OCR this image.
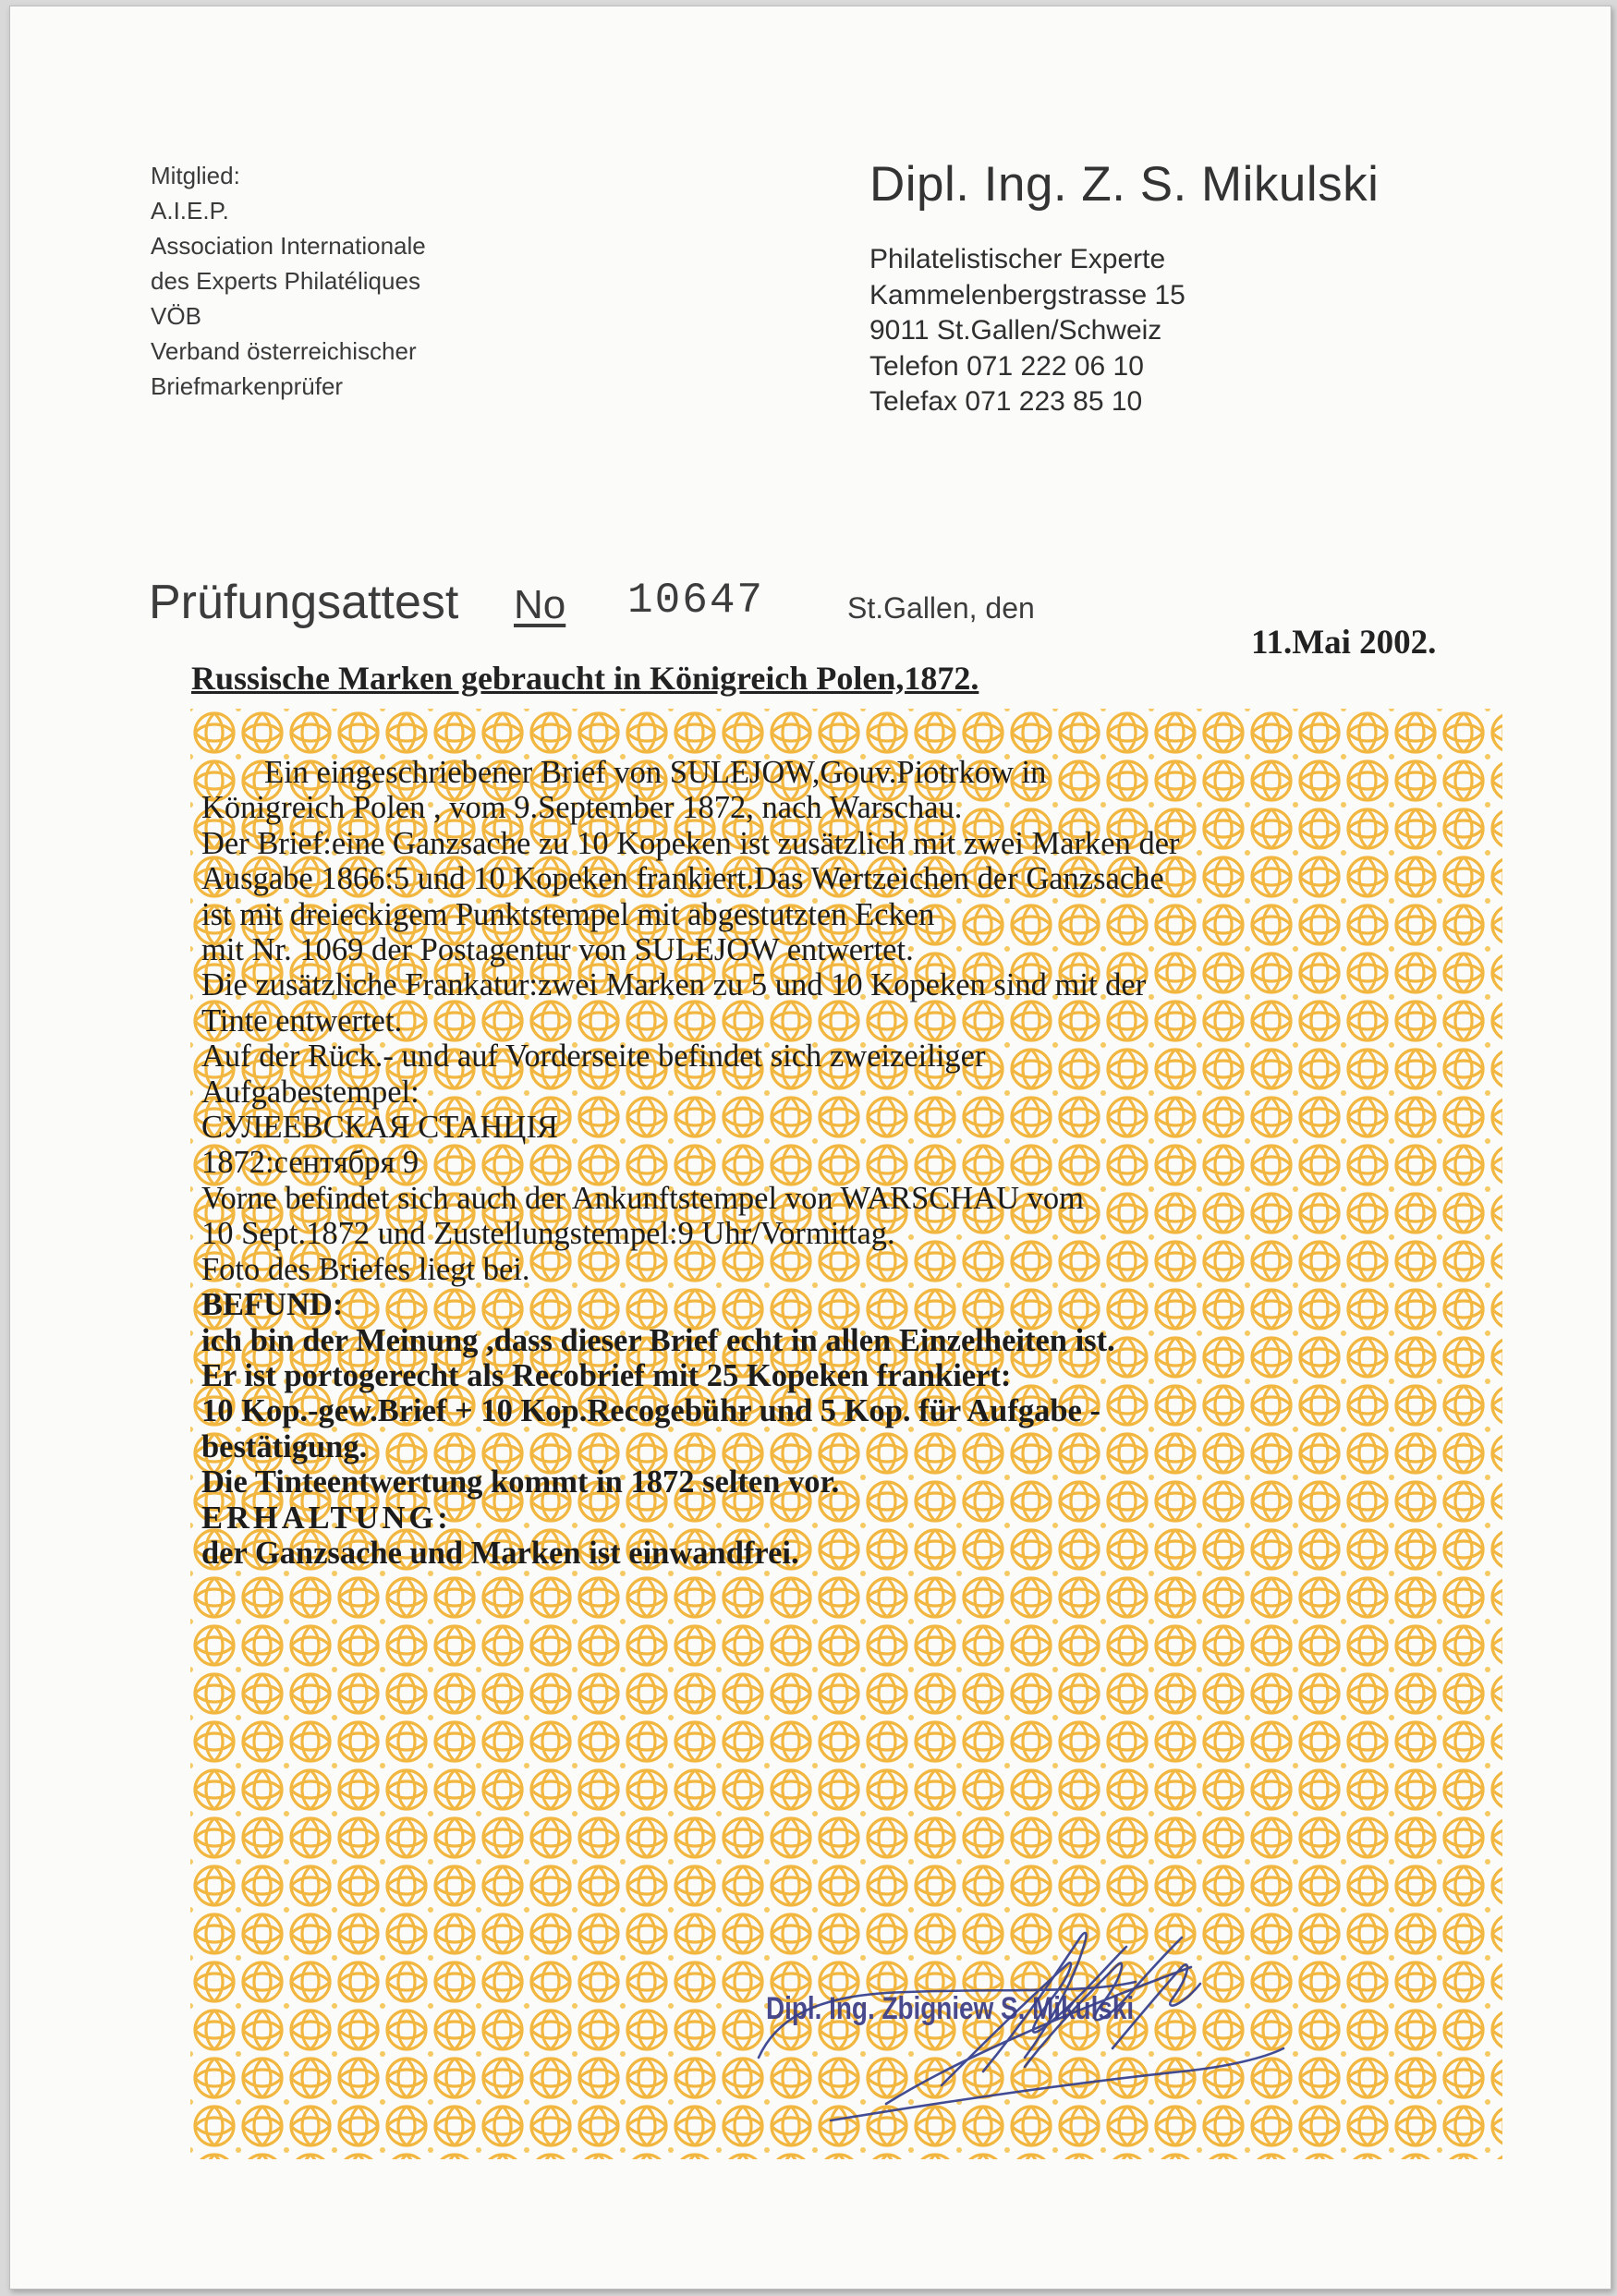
Mitglied:
A.I.E.P.
Association Internationale
des Experts Philatéliques
VÖB
Verband österreichischer
Briefmarkenprüfer
Dipl. Ing. Z. S. Mikulski
Philatelistischer Experte
Kammelenbergstrasse 15
9011 St.Gallen/Schweiz
Telefon 071 222 06 10
Telefax 071 223 85 10
Prüfungsattest No 10647	St.Gallen, den
11.Mai 2002.
Russische Marken gebraucht in Königreich Polen,1872.
Ein eingeschriebener Brief von SULEJOW,Gouv.Piotrkow in
Königreich Polen , vom 9.September 1872, nach Warschau.
Der Brief:eine Ganzsache zu 10 Kopeken ist zusätzlich mit zwei Marken der
Ausgabe 1866:5 und 10 Kopeken frankiert.Das Wertzeichen der Ganzsache
ist mit dreieckigem Punktstempel mit abgestutzten Ecken
mit Nr. 1069 der Postagentur von SULEJOW entwertet.
Die zusätzliche Frankatur:zwei Marken zu 5 und 10 Kopeken sind mit der
Tinte entwertet.
Auf der Rück.- und auf Vorderseite befindet sich zweizeiliger
Aufgabestempel:
СУЛЕЕВСКАЯ СТАНЦІЯ
1872:сентября 9
Vorne befindet sich auch der Ankunftstempel von WARSCHAU vom
10 Sept.1872 und Zustellungstempel:9 Uhr/Vormittag.
Foto des Briefes liegt bei.
BEFUND:
ich bin der Meinung ,dass dieser Brief echt in allen Einzelheiten ist.
Er ist portogerecht als Recobrief mit 25 Kopeken frankiert:
10 Kop.-gew.Brief + 10 Kop.Recogebühr und 5 Kop. für Aufgabe -
bestätigung.
Die Tinteentwertung kommt in 1872 selten vor.
ERHALTUNG:
der Ganzsache und Marken ist einwandfrei.
Dipl. Ing. Zbigniew S. Mikulski
